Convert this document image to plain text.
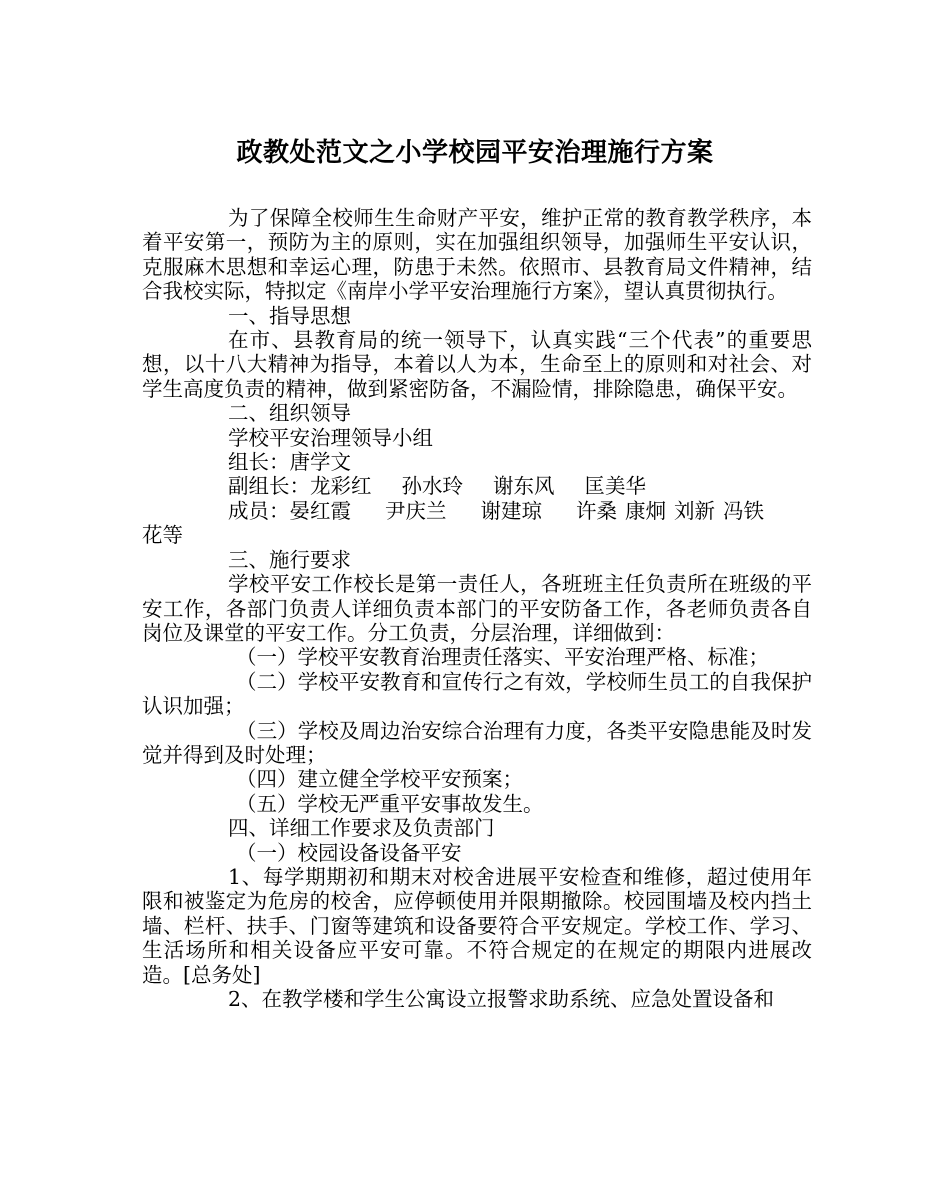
政教处范文之小学校园平安治理施行方案

为了保障全校师生生命财产平安，维护正常的教育教学秩序，本着平安第一，预防为主的原则，实在加强组织领导，加强师生平安认识，克服麻木思想和幸运心理，防患于未然。依照市、县教育局文件精神，结合我校实际，特拟定《南岸小学平安治理施行方案》，望认真贯彻执行。

一、指导思想

在市、县教育局的统一领导下，认真实践“三个代表”的重要思想，以十八大精神为指导，本着以人为本，生命至上的原则和对社会、对学生高度负责的精神，做到紧密防备，不漏险情，排除隐患，确保平安。

二、组织领导

学校平安治理领导小组

组长：唐学文

副组长：龙彩红 孙水玲 谢东风 匡美华

成员：晏红霞 尹庆兰 谢建琼 许桑 康炯 刘新 冯铁

花等

三、施行要求

学校平安工作校长是第一责任人，各班班主任负责所在班级的平安工作，各部门负责人详细负责本部门的平安防备工作，各老师负责各自岗位及课堂的平安工作。分工负责，分层治理，详细做到：

（一）学校平安教育治理责任落实、平安治理严格、标准；

（二）学校平安教育和宣传行之有效，学校师生员工的自我保护认识加强；

（三）学校及周边治安综合治理有力度，各类平安隐患能及时发觉并得到及时处理；

（四）建立健全学校平安预案；

（五）学校无严重平安事故发生。

四、详细工作要求及负责部门

（一）校园设备设备平安

1、每学期期初和期末对校舍进展平安检查和维修，超过使用年限和被鉴定为危房的校舍，应停顿使用并限期撤除。校园围墙及校内挡土墙、栏杆、扶手、门窗等建筑和设备要符合平安规定。学校工作、学习、生活场所和相关设备应平安可靠。不符合规定的在规定的期限内进展改造。[总务处]

2、在教学楼和学生公寓设立报警求助系统、应急处置设备和
